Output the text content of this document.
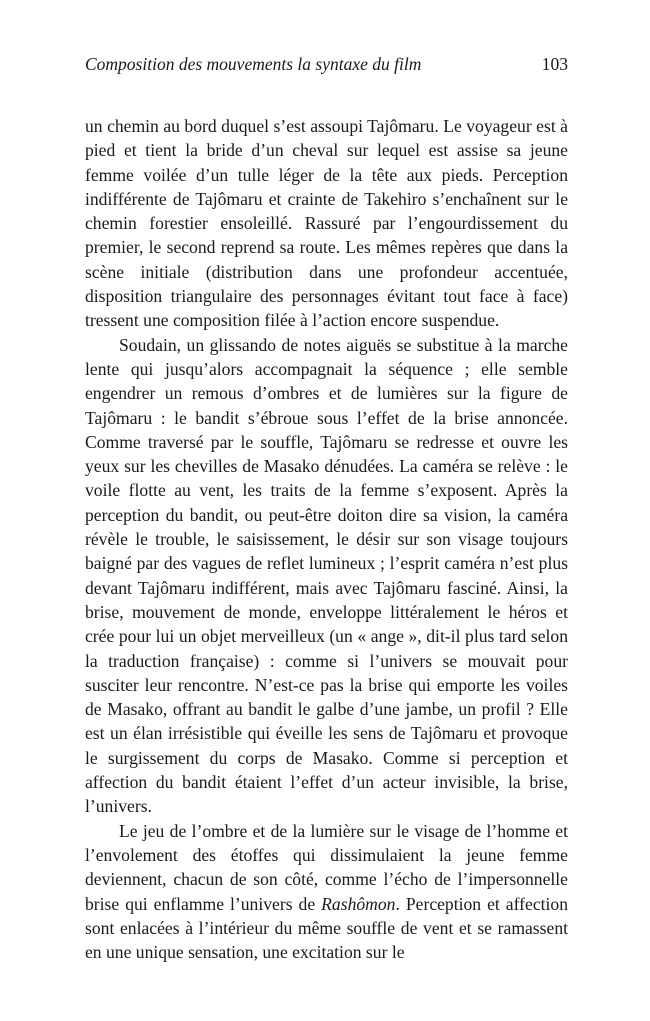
Composition des mouvements la syntaxe du film	103

un chemin au bord duquel s’est assoupi Tajômaru. Le voyageur est à pied et tient la bride d’un cheval sur lequel est assise sa jeune femme voilée d’un tulle léger de la tête aux pieds. Perception indifférente de Tajômaru et crainte de Takehiro s’enchaînent sur le chemin forestier ensoleillé. Rassuré par l’engourdissement du premier, le second reprend sa route. Les mêmes repères que dans la scène initiale (distribution dans une profondeur accentuée, disposition triangulaire des personnages évitant tout face à face) tressent une composition filée à l’action encore suspendue.

Soudain, un glissando de notes aiguës se substitue à la marche lente qui jusqu’alors accompagnait la séquence ; elle semble engendrer un remous d’ombres et de lumières sur la figure de Tajômaru : le bandit s’ébroue sous l’effet de la brise annoncée. Comme traversé par le souffle, Tajômaru se redresse et ouvre les yeux sur les chevilles de Masako dénudées. La caméra se relève : le voile flotte au vent, les traits de la femme s’exposent. Après la perception du bandit, ou peut-être doiton dire sa vision, la caméra révèle le trouble, le saisissement, le désir sur son visage toujours baigné par des vagues de reflet lumineux ; l’esprit caméra n’est plus devant Tajômaru indifférent, mais avec Tajômaru fasciné. Ainsi, la brise, mouvement de monde, enveloppe littéralement le héros et crée pour lui un objet merveilleux (un « ange », dit-il plus tard selon la traduction française) : comme si l’univers se mouvait pour susciter leur rencontre. N’est-ce pas la brise qui emporte les voiles de Masako, offrant au bandit le galbe d’une jambe, un profil ? Elle est un élan irrésistible qui éveille les sens de Tajômaru et provoque le surgissement du corps de Masako. Comme si perception et affection du bandit étaient l’effet d’un acteur invisible, la brise, l’univers.

Le jeu de l’ombre et de la lumière sur le visage de l’homme et l’envolement des étoffes qui dissimulaient la jeune femme deviennent, chacun de son côté, comme l’écho de l’impersonnelle brise qui enflamme l’univers de Rashômon. Perception et affection sont enlacées à l’intérieur du même souffle de vent et se ramassent en une unique sensation, une excitation sur le
